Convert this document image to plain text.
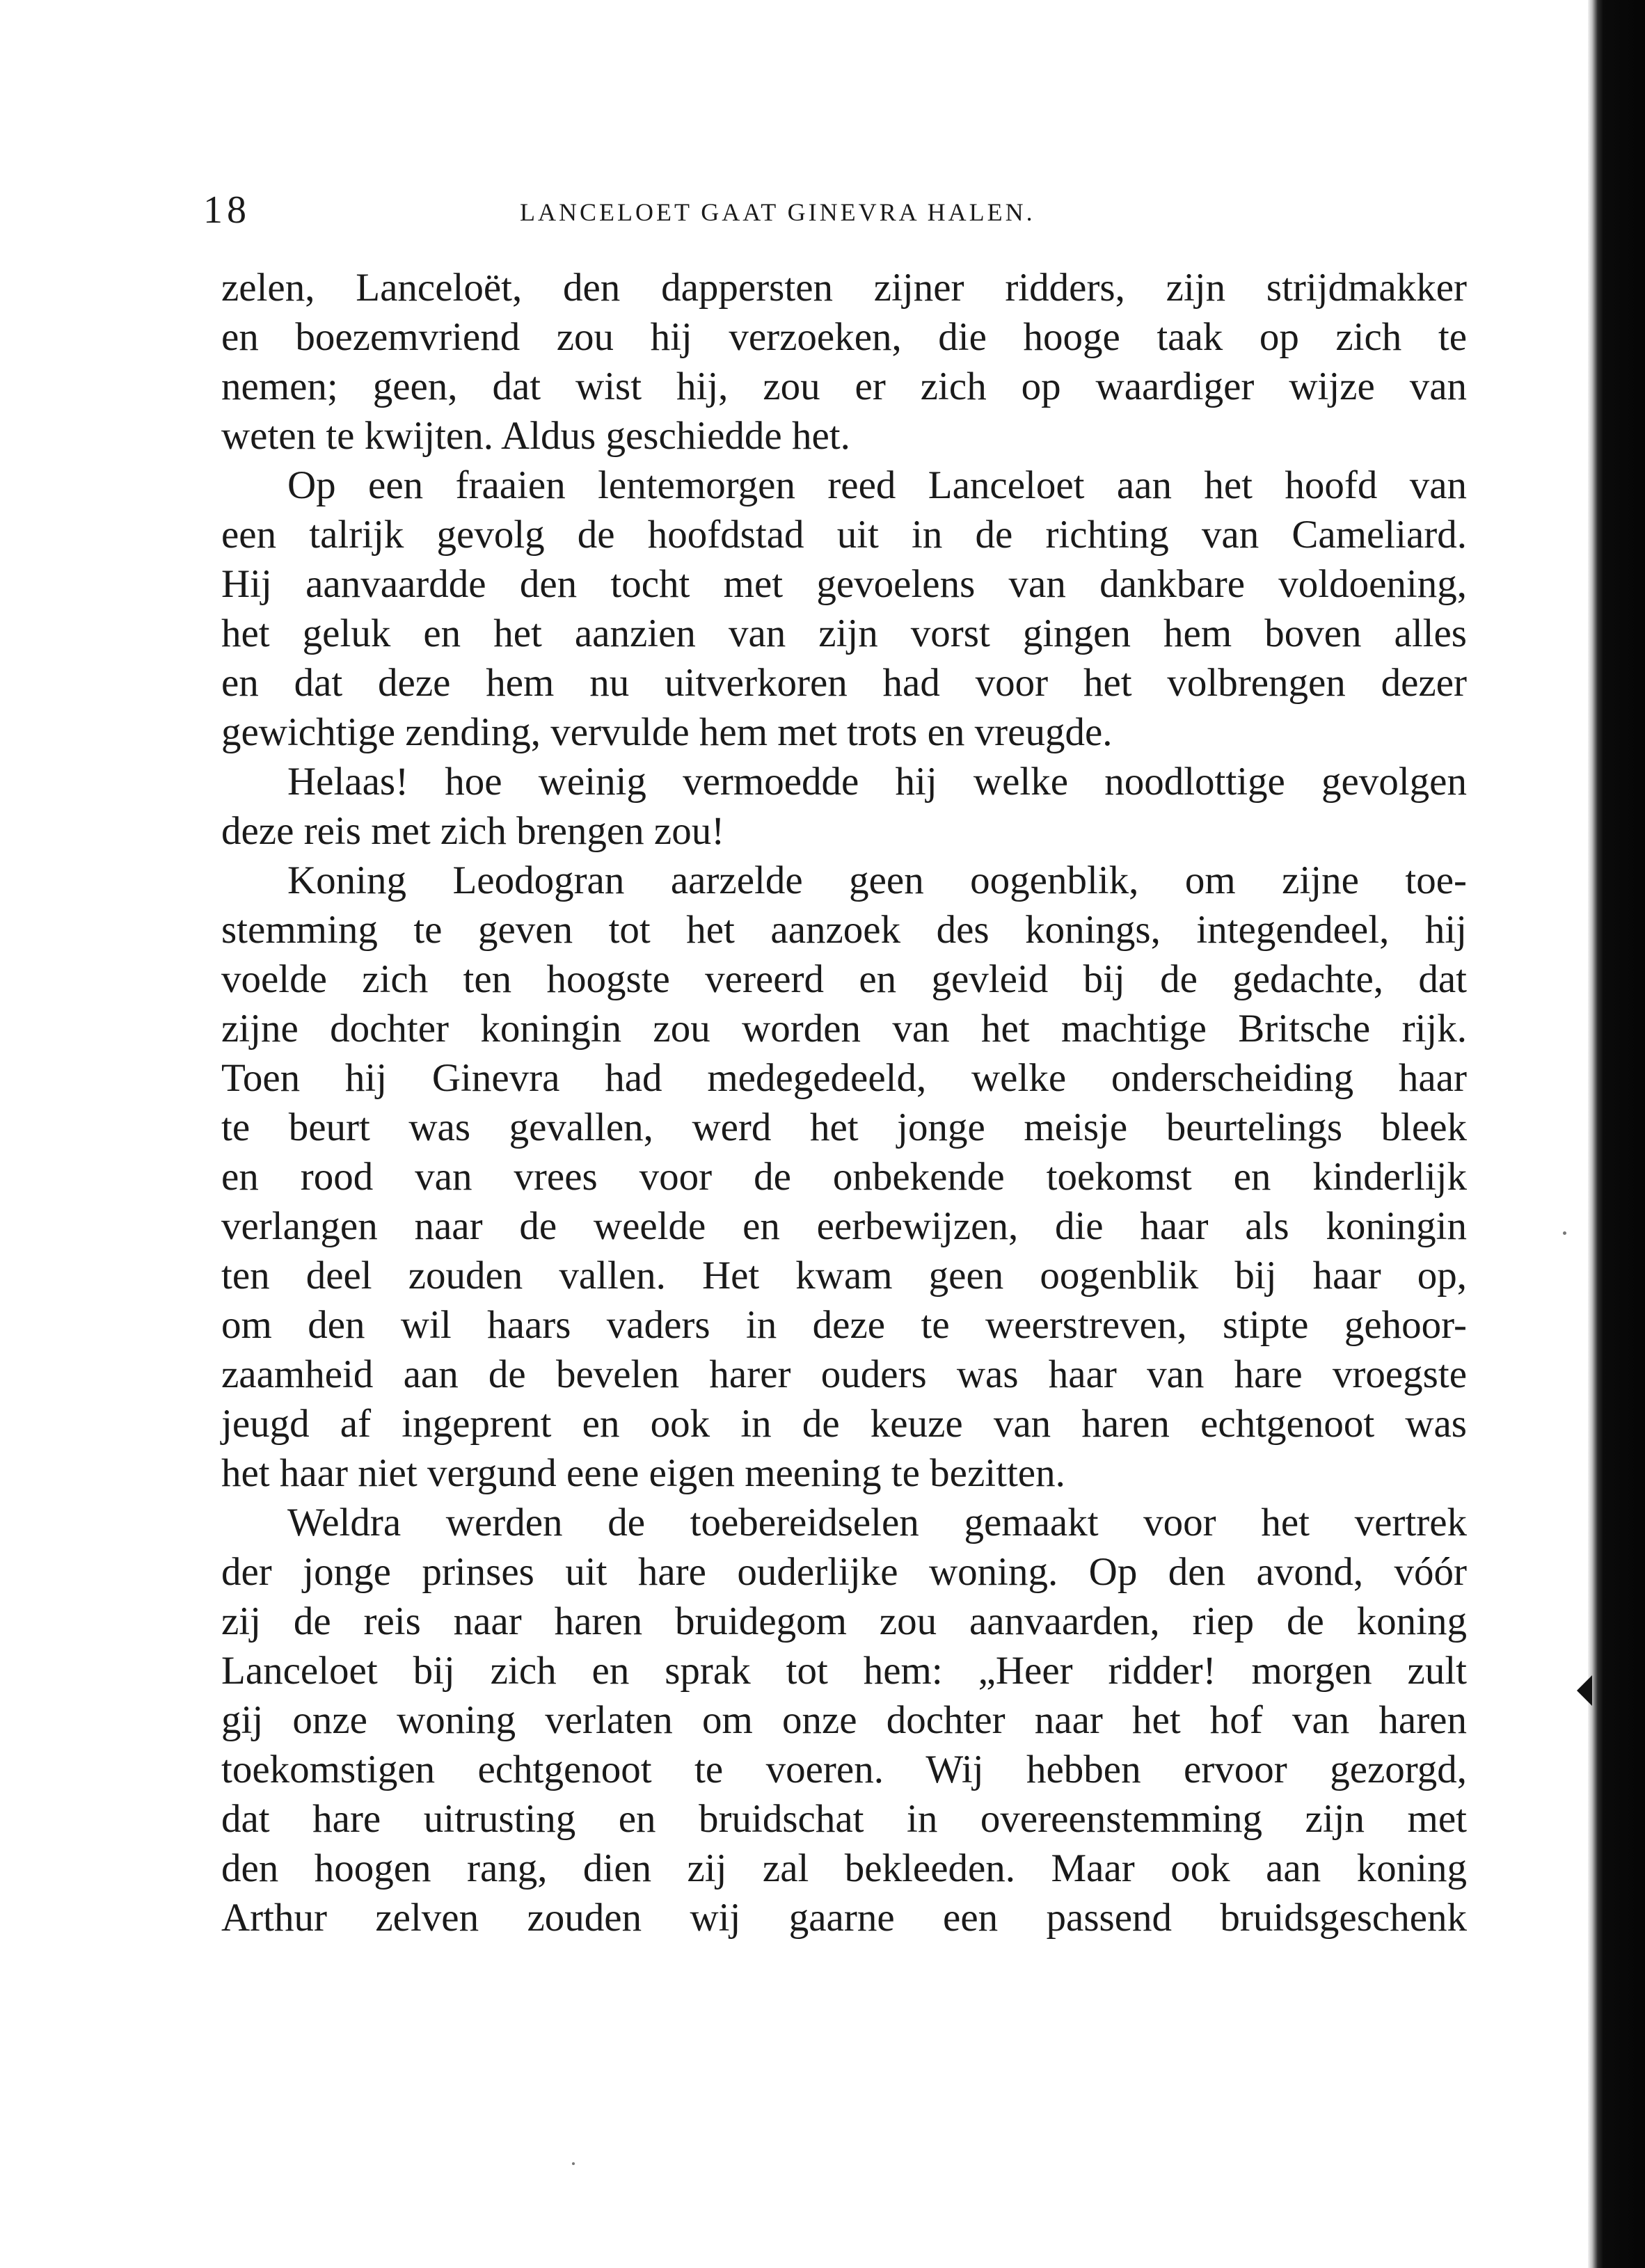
18	LANCELOET GAAT GINEVRA HALEN.
zelen, Lanceloët, den dappersten zijner ridders, zijn strijdmakker
en boezemvriend zou hij verzoeken, die hooge taak op zich te
nemen; geen, dat wist hij, zou er zich op waardiger wijze van
weten te kwijten. Aldus geschiedde het.
Op een fraaien lentemorgen reed Lanceloet aan het hoofd van
een talrijk gevolg de hoofdstad uit in de richting van Cameliard.
Hij aanvaardde den tocht met gevoelens van dankbare voldoening,
het geluk en het aanzien van zijn vorst gingen hem boven alles
en dat deze hem nu uitverkoren had voor het volbrengen dezer
gewichtige zending, vervulde hem met trots en vreugde.
Helaas! hoe weinig vermoedde hij welke noodlottige gevolgen
deze reis met zich brengen zou!
Koning Leodogran aarzelde geen oogenblik, om zijne toe-
stemming te geven tot het aanzoek des konings, integendeel, hij
voelde zich ten hoogste vereerd en gevleid bij de gedachte, dat
zijne dochter koningin zou worden van het machtige Britsche rijk.
Toen hij Ginevra had medegedeeld, welke onderscheiding haar
te beurt was gevallen, werd het jonge meisje beurtelings bleek
en rood van vrees voor de onbekende toekomst en kinderlijk
verlangen naar de weelde en eerbewijzen, die haar als koningin
ten deel zouden vallen. Het kwam geen oogenblik bij haar op,
om den wil haars vaders in deze te weerstreven, stipte gehoor-
zaamheid aan de bevelen harer ouders was haar van hare vroegste
jeugd af ingeprent en ook in de keuze van haren echtgenoot was
het haar niet vergund eene eigen meening te bezitten.
Weldra werden de toebereidselen gemaakt voor het vertrek
der jonge prinses uit hare ouderlijke woning. Op den avond, vóór
zij de reis naar haren bruidegom zou aanvaarden, riep de koning
Lanceloet bij zich en sprak tot hem: „Heer ridder! morgen zult
gij onze woning verlaten om onze dochter naar het hof van haren
toekomstigen echtgenoot te voeren. Wij hebben ervoor gezorgd,
dat hare uitrusting en bruidschat in overeenstemming zijn met
den hoogen rang, dien zij zal bekleeden. Maar ook aan koning
Arthur zelven zouden wij gaarne een passend bruidsgeschenk
